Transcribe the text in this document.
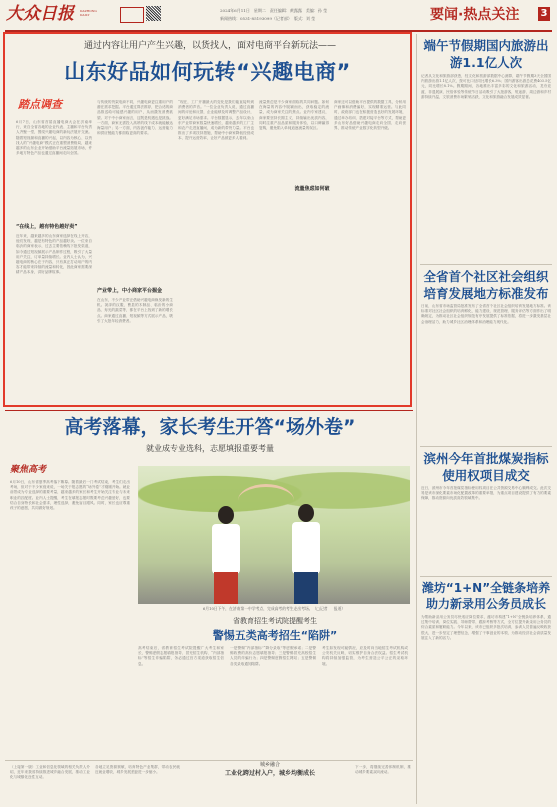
大众日报 DAZHONG DAILY
2024年6月11日　星期二　责任编辑：黄露露　美编：孙 莹
新闻热线：0531-85193099（记者部）　版式：刘 莹	要闻·热点关注 3
通过内容让用户产生兴趣，以货找人，面对电商平台新玩法——
山东好品如何玩转“兴趣电商”
踏点调查
6月7日，山东省首届直播电商大会在济南举行，来自全省各地的企业代表、主播和平台负责人齐聚一堂，围绕兴趣电商的新玩法展开交流。随着短视频和直播的兴起，以内容为核心、以货找人的“兴趣电商”模式正在重塑消费格局，越来越多的山东企业开始借助平台流量拓展市场，许多地方特色产品也通过直播间走向全国。
“在线上，越有特色越好卖”
近年来，越来越多的山东商家选择在线上开店，他们发现，越是有特色的产品越好卖。一位来自临沂的商家表示，过去主要依赖线下批发渠道，如今通过短视频展示产品制作过程，吸引了大量用户关注，订单量持续增长。业内人士认为，兴趣电商的核心在于内容，只有真正打动用户的内容才能带来持续的流量和转化，因此商家需要深耕产品本身，讲好品牌故事。
与传统的货架电商不同，兴趣电商更注重用户的潜在需求挖掘。平台通过算法推荐，把合适的商品推送给可能感兴趣的用户，从而激发消费欲望。对于中小商家而言，这既是机遇也是挑战。一方面，商家无需投入高昂的线下成本就能触达海量用户；另一方面，内容创作能力、运营能力和供应链能力都面临更高的要求。
产业带上，中小商家平台掘金
在山东，不少产业带正借助兴趣电商焕发新的生机。菏泽的汉服、曹县的木制品、临沂的小商品、寿光的蔬菜等，都在平台上找到了新的增长点。商家通过直播、短视频等方式展示产品，吸引了大批年轻消费者。
“现在，工厂开播最大的变化是我们能直接听到消费者的声音。”一位企业负责人说，通过直播间的评论和反馈，企业能够及时调整产品设计，更好满足市场需求。平台数据显示，去年以来山东产业带商家数量快速增长，越来越多的工厂主和农户走进直播间，成为新的带货力量。平台也推出了多项扶持措施，帮助中小商家降低经营成本、提升运营效率，让好产品被更多人看到。
流量焦虑如何破
流量焦虑是不少商家面临的共同问题。如何在海量的内容中脱颖而出，获取稳定的流量，成为商家关注的焦点。业内专家建议，商家要坚持长期主义，持续输出优质内容，同时注重产品品质和服务体验，以口碑赢得复购，避免陷入单纯追逐流量的误区。
商家还可以借助平台提供的数据工具，分析用户画像和消费偏好，实现精准运营。与此同时，政府部门也在积极营造良好的发展环境，通过举办培训、搭建对接平台等方式，帮助更多山东好品借助兴趣电商走向全国、走向世界，推动传统产业数字化转型升级。
端午节假期国内旅游出游1.1亿人次
记者从文化和旅游部获悉，经文化和旅游部数据中心测算，端午节假期3天全国国内旅游出游1.1亿人次，按可比口径同比增长6.3%；国内游客出游总花费403.5亿元，同比增长8.1%。假期期间，各地推出丰富多彩的文化和旅游活动，龙舟竞渡、非遗展演、民俗体验等传统节日活动吸引了大批游客，短途游、周边游和乡村游持续升温，文旅消费市场繁荣活跃，文化和旅游融合发展成效显著。
全省首个社区社会组织培育发展地方标准发布
日前，山东省市场监管局批准发布了全省首个社区社会组织培育发展地方标准。该标准对社区社会组织的培育孵化、能力建设、规范管理、服务评估等方面作出了明确规定，为推动社区社会组织规范有序发展提供了标准依据，将进一步激发基层社会治理活力，助力城乡社区治理体系和治理能力现代化。
滨州今年首批煤炭指标使用权项目成交
近日，滨州市今年首批煤炭指标使用权项目在公共资源交易中心顺利成交。此次交易是该市深化要素市场化配置改革的重要举措，为重点项目建设提供了有力的要素保障，推动资源向优质高效领域集中。
潍坊“1+N”全链条培养助力新录用公务员成长
为帮助新录用公务员尽快适应岗位要求，潍坊市构建“1+N”全链条培养体系，通过集中培训、岗位实践、导师帮带、跟踪考核等方式，全方位提升新录用公务员的综合素质和履职能力。今年以来，该市已组织多批次培训，参训人员普遍反映收获很大，进一步坚定了理想信念，增强了干事创业的本领，为推动经济社会高质量发展注入了新的活力。
高考落幕，家长考生开答“场外卷”
就业成专业选科，志愿填报重要考量
聚焦高考
6月10日，山东省夏季高考落下帷幕。随着最后一门考试结束，考生们走出考场，但对于不少家庭来说，一场关于报志愿的“场外卷”才刚刚开始。就业前景成为专业选择的重要考量，越来越多的家长和考生开始关注专业与未来职业的匹配度。业内人士提醒，考生在填报志愿时既要考虑兴趣爱好，也要结合自身特长和社会需求，理性选择，避免盲目跟风。同时，家长也应尊重孩子的意愿，共同做好规划。
6月10日下午，在济南第一中学考点，完成高考的考生走出考场。（□记者 　 报道）
省教育招生考试院提醒考生
警惕五类高考招生“陷阱”
高考结束后，省教育招生考试院提醒广大考生和家长，警惕虚假志愿填报指导、冒充招生机构、“内部指标”等招生诈骗陷阱，务必通过官方渠道获取招生信息。
一是警惕“内部指标”“降分录取”等虚假承诺；二是警惕收费的高价志愿填报指导；三是警惕冒充高校招生人员的诈骗行为；四是警惕虚假招生网站；五是警惕各类录取通知陷阱。
考生如发现可疑情况，应及时向当地招生考试机构或公安机关反映，切实维护自身合法权益。招生考试机构将持续加强监管，为考生营造公平公正的录取环境。
城乡融合
工业化跨过村入户，城乡均衡成长
（上接第一版）工业和信息化领域的相关负责人介绍，近年来我省持续推进城乡融合发展，推动工业化与城镇化良性互动。
各地立足资源禀赋，培育特色产业集群，带动农民就近就业增收，城乡发展差距进一步缩小。
下一步，将继续完善体制机制，推动城乡要素双向流动。
